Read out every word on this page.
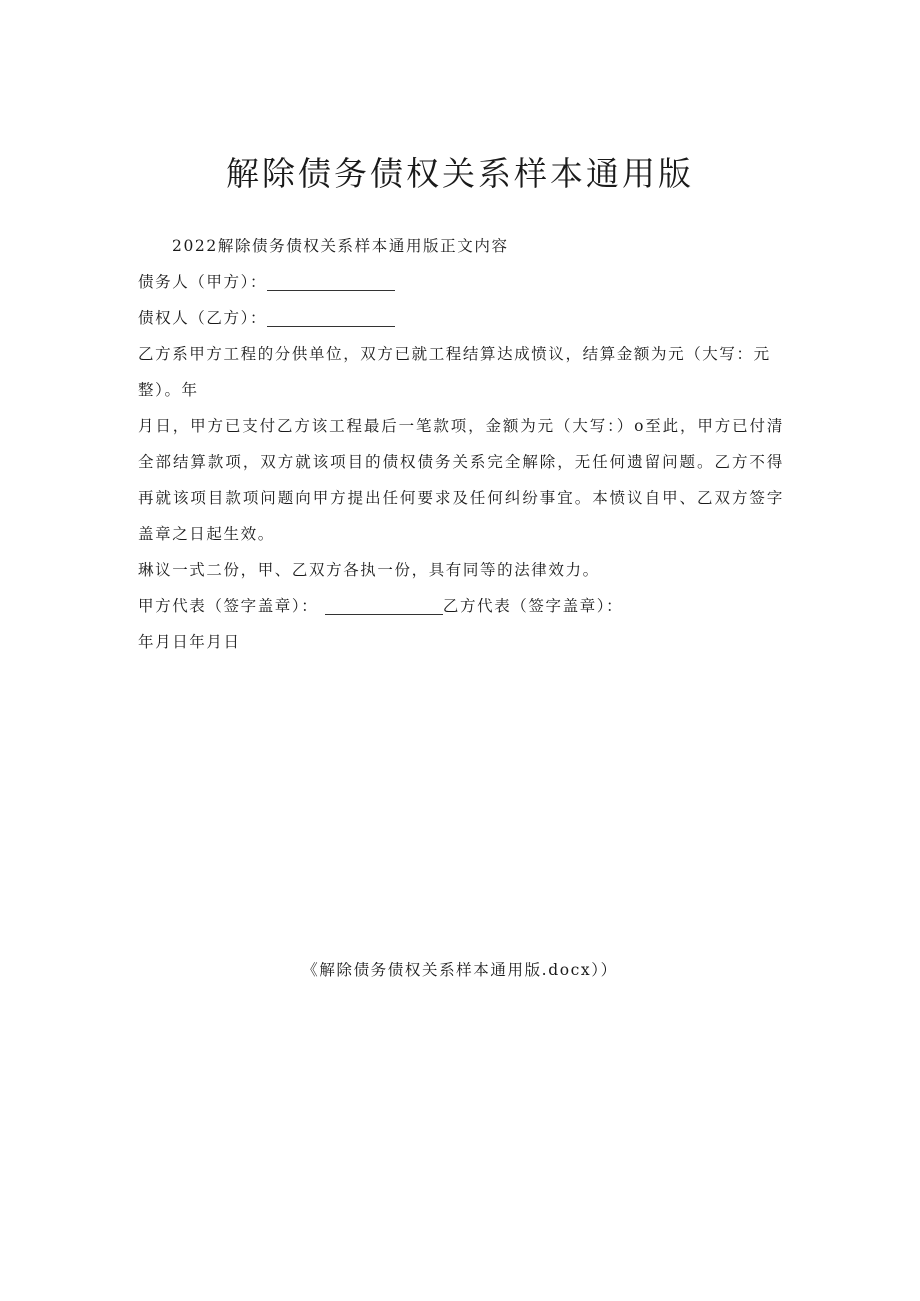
解除债务债权关系样本通用版
2022解除债务债权关系样本通用版正文内容
债务人（甲方）：
债权人（乙方）：
乙方系甲方工程的分供单位，双方已就工程结算达成愤议，结算金额为元（大写：元
整）。年
月日，甲方已支付乙方该工程最后一笔款项，金额为元（大写：）o至此，甲方已付清全部结算款项，双方就该项目的债权债务关系完全解除，无任何遗留问题。乙方不得再就该项目款项问题向甲方提出任何要求及任何纠纷事宜。本愤议自甲、乙双方签字盖章之日起生效。
琳议一式二份，甲、乙双方各执一份，具有同等的法律效力。
甲方代表（签字盖章）：	乙方代表（签字盖章）：
年月日年月日
《解除债务债权关系样本通用版.docx））
